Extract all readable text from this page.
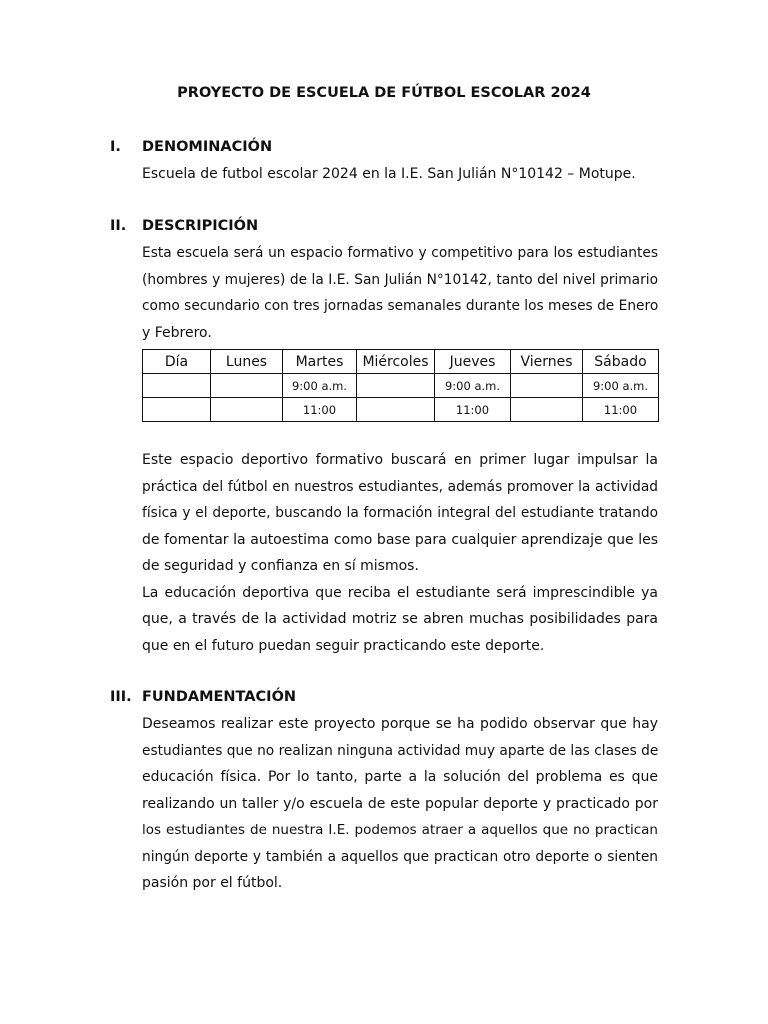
PROYECTO DE ESCUELA DE FÚTBOL ESCOLAR 2024
I.	DENOMINACIÓN
Escuela de futbol escolar 2024 en la I.E. San Julián N°10142 – Motupe.
II.	DESCRIPICIÓN
Esta escuela será un espacio formativo y competitivo para los estudiantes
(hombres y mujeres) de la I.E. San Julián N°10142, tanto del nivel primario
como secundario con tres jornadas semanales durante los meses de Enero
y Febrero.
Día	Lunes	Martes	Miércoles	Jueves	Viernes	Sábado
		9:00 a.m.		9:00 a.m.		9:00 a.m.
		11:00		11:00		11:00
Este espacio deportivo formativo buscará en primer lugar impulsar la
práctica del fútbol en nuestros estudiantes, además promover la actividad
física y el deporte, buscando la formación integral del estudiante tratando
de fomentar la autoestima como base para cualquier aprendizaje que les
de seguridad y confianza en sí mismos.
La educación deportiva que reciba el estudiante será imprescindible ya
que, a través de la actividad motriz se abren muchas posibilidades para
que en el futuro puedan seguir practicando este deporte.
III. FUNDAMENTACIÓN
Deseamos realizar este proyecto porque se ha podido observar que hay
estudiantes que no realizan ninguna actividad muy aparte de las clases de
educación física. Por lo tanto, parte a la solución del problema es que
realizando un taller y/o escuela de este popular deporte y practicado por
los estudiantes de nuestra I.E. podemos atraer a aquellos que no practican
ningún deporte y también a aquellos que practican otro deporte o sienten
pasión por el fútbol.
